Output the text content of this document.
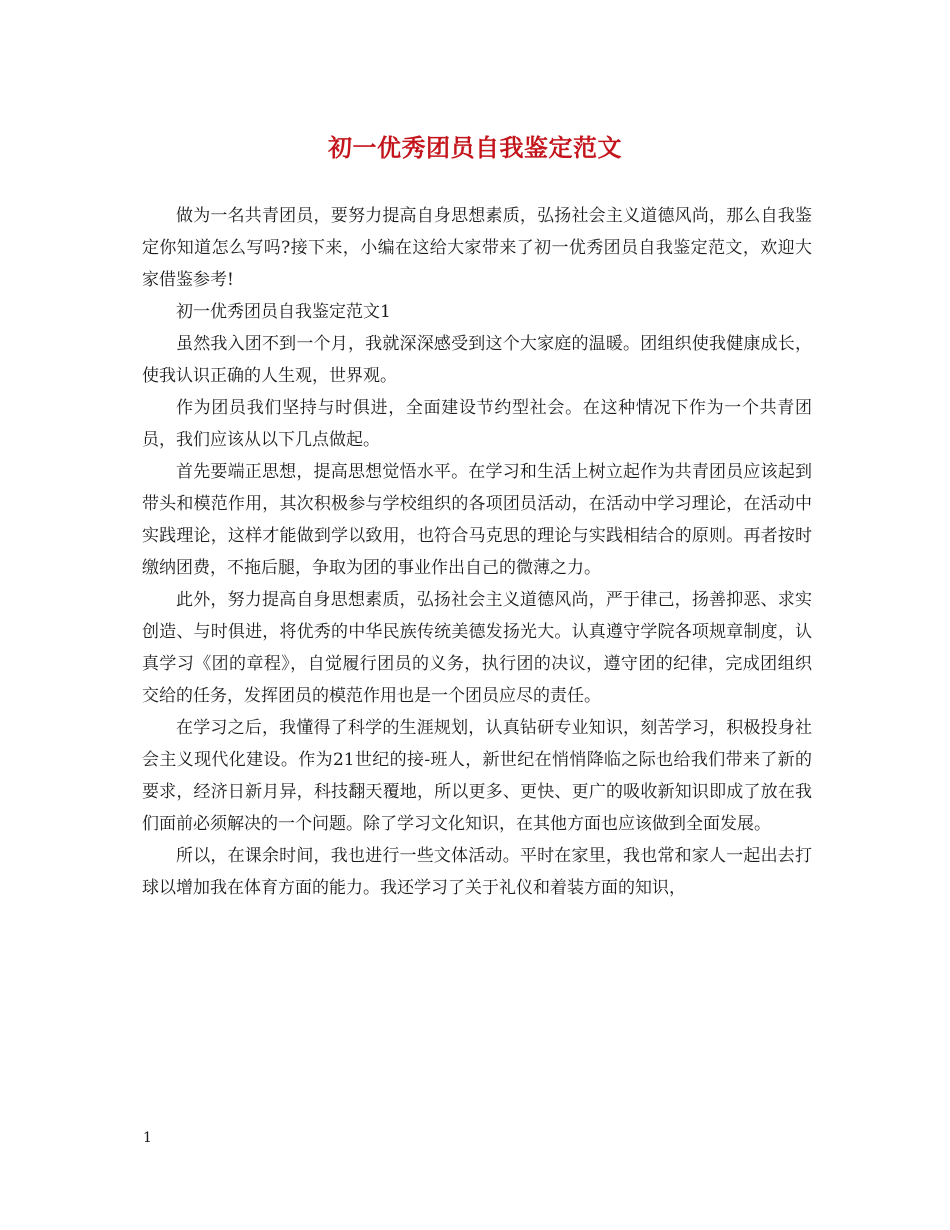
初一优秀团员自我鉴定范文

做为一名共青团员，要努力提高自身思想素质，弘扬社会主义道德风尚，那么自我鉴定你知道怎么写吗?接下来，小编在这给大家带来了初一优秀团员自我鉴定范文，欢迎大家借鉴参考!

初一优秀团员自我鉴定范文1

虽然我入团不到一个月，我就深深感受到这个大家庭的温暖。团组织使我健康成长，使我认识正确的人生观，世界观。

作为团员我们坚持与时俱进，全面建设节约型社会。在这种情况下作为一个共青团员，我们应该从以下几点做起。

首先要端正思想，提高思想觉悟水平。在学习和生活上树立起作为共青团员应该起到带头和模范作用，其次积极参与学校组织的各项团员活动，在活动中学习理论，在活动中实践理论，这样才能做到学以致用，也符合马克思的理论与实践相结合的原则。再者按时缴纳团费，不拖后腿，争取为团的事业作出自己的微薄之力。

此外，努力提高自身思想素质，弘扬社会主义道德风尚，严于律己，扬善抑恶、求实创造、与时俱进，将优秀的中华民族传统美德发扬光大。认真遵守学院各项规章制度，认真学习《团的章程》，自觉履行团员的义务，执行团的决议，遵守团的纪律，完成团组织交给的任务，发挥团员的模范作用也是一个团员应尽的责任。

在学习之后，我懂得了科学的生涯规划，认真钻研专业知识，刻苦学习，积极投身社会主义现代化建设。作为21世纪的接-班人，新世纪在悄悄降临之际也给我们带来了新的要求，经济日新月异，科技翻天覆地，所以更多、更快、更广的吸收新知识即成了放在我们面前必须解决的一个问题。除了学习文化知识，在其他方面也应该做到全面发展。

所以，在课余时间，我也进行一些文体活动。平时在家里，我也常和家人一起出去打球以增加我在体育方面的能力。我还学习了关于礼仪和着装方面的知识，

1
